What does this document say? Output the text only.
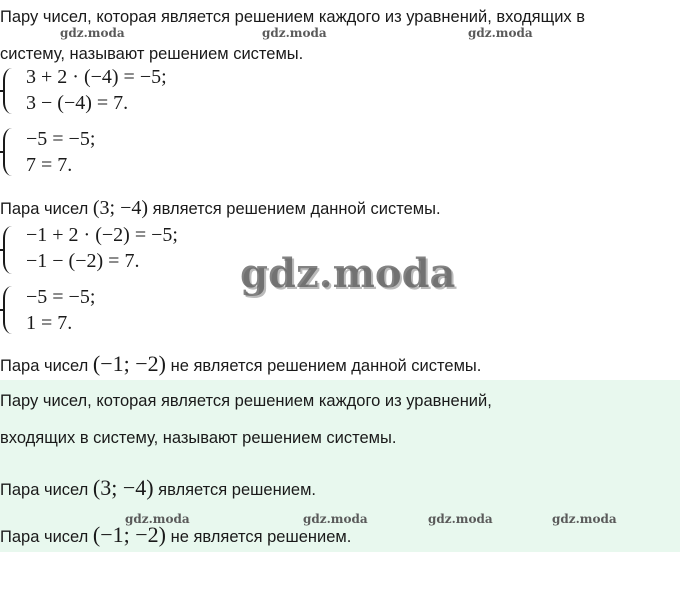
Пару чисел, которая является решением каждого из уравнений, входящих в
систему, называют решением системы.
3 + 2 · (−4) = −5;
3 − (−4) = 7.
−5 = −5;
7 = 7.
Пара чисел (3; −4) является решением данной системы.
−1 + 2 · (−2) = −5;
−1 − (−2) = 7.
−5 = −5;
1 = 7.
Пара чисел (−1; −2) не является решением данной системы.
Пару чисел, которая является решением каждого из уравнений,
входящих в систему, называют решением системы.
Пара чисел (3; −4) является решением.
Пара чисел (−1; −2) не является решением.
gdz.moda	gdz.moda	gdz.moda
gdz.moda
gdz.moda	gdz.moda	gdz.moda	gdz.moda
